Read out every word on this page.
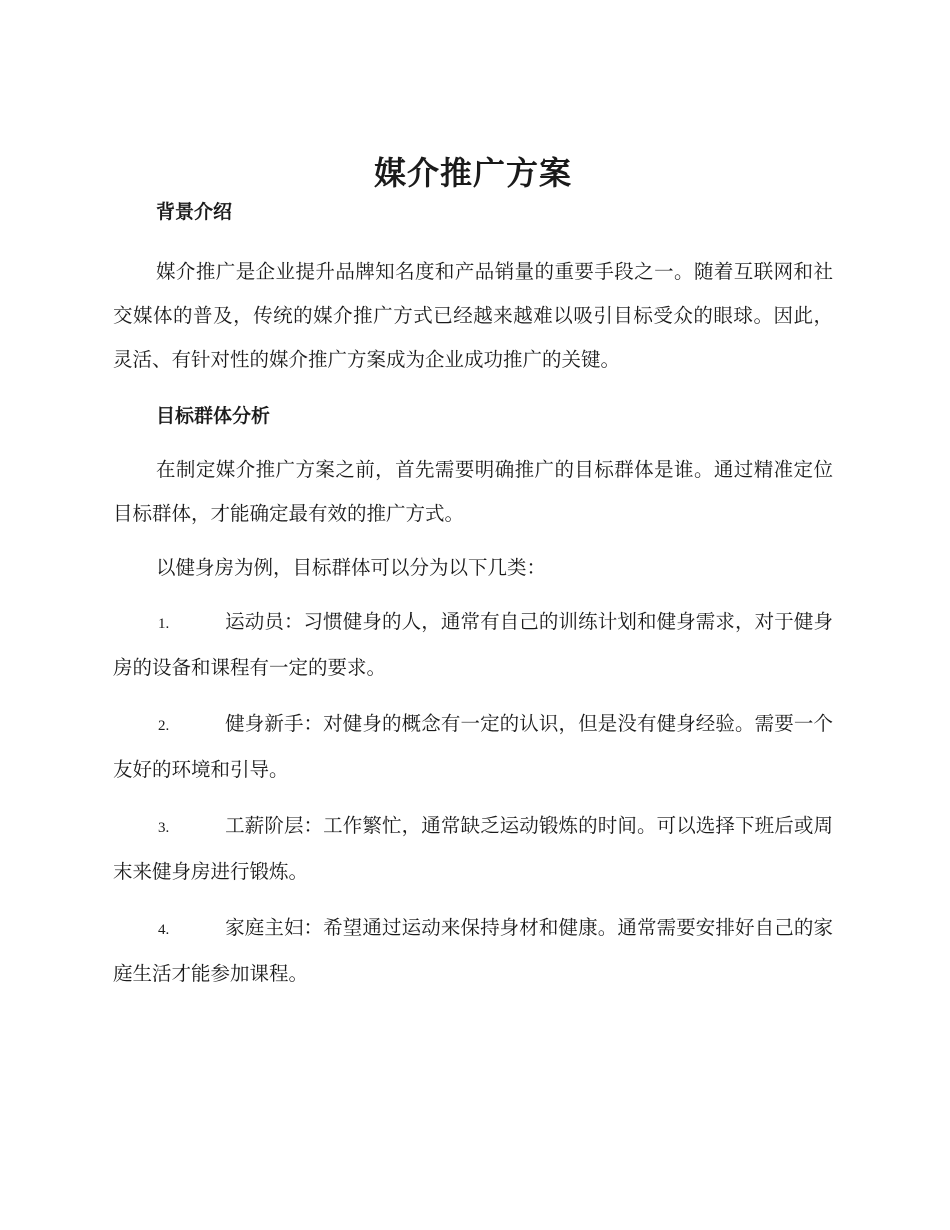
媒介推广方案
背景介绍

媒介推广是企业提升品牌知名度和产品销量的重要手段之一。随着互联网和社交媒体的普及，传统的媒介推广方式已经越来越难以吸引目标受众的眼球。因此，灵活、有针对性的媒介推广方案成为企业成功推广的关键。

目标群体分析

在制定媒介推广方案之前，首先需要明确推广的目标群体是谁。通过精准定位目标群体，才能确定最有效的推广方式。

以健身房为例，目标群体可以分为以下几类：

1.	运动员：习惯健身的人，通常有自己的训练计划和健身需求，对于健身房的设备和课程有一定的要求。

2.	健身新手：对健身的概念有一定的认识，但是没有健身经验。需要一个友好的环境和引导。

3.	工薪阶层：工作繁忙，通常缺乏运动锻炼的时间。可以选择下班后或周末来健身房进行锻炼。

4.	家庭主妇：希望通过运动来保持身材和健康。通常需要安排好自己的家庭生活才能参加课程。
